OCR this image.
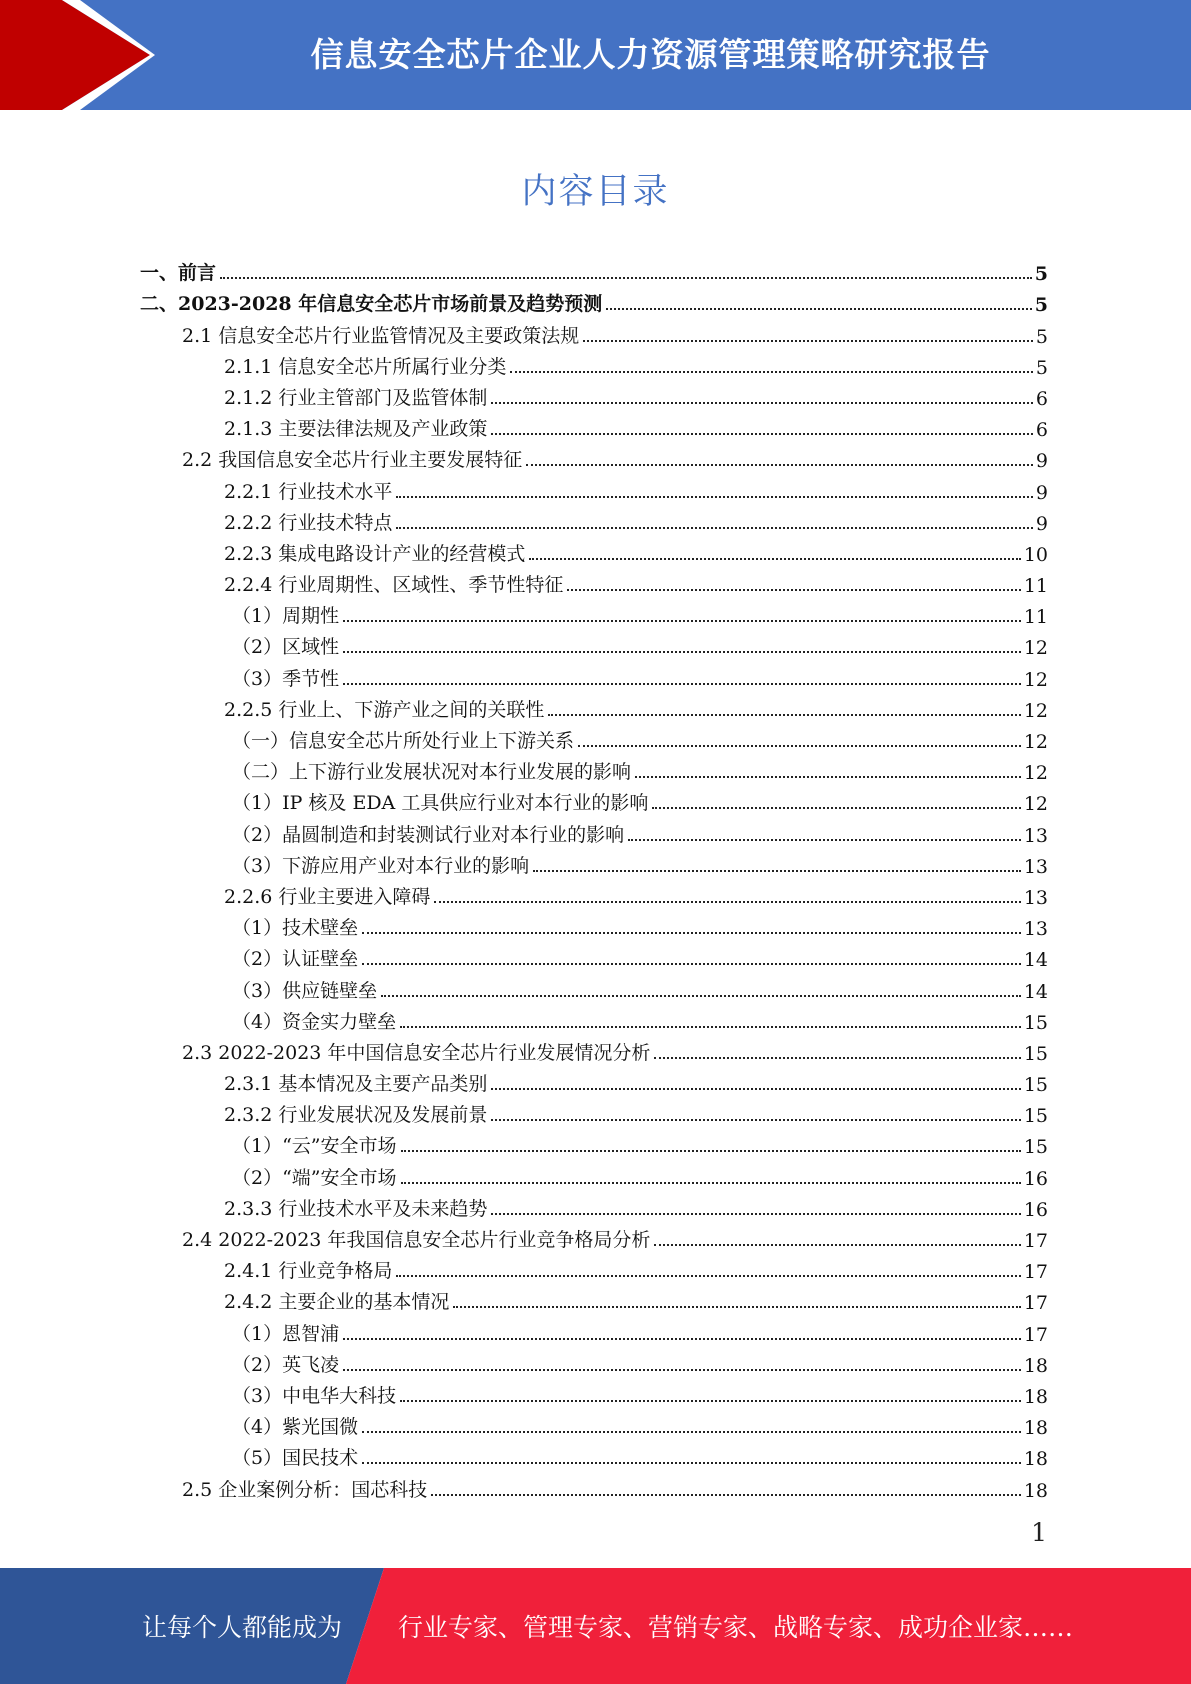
信息安全芯片企业人力资源管理策略研究报告
内容目录
一、前言	5
二、2023-2028 年信息安全芯片市场前景及趋势预测	5
2.1 信息安全芯片行业监管情况及主要政策法规	5
2.1.1 信息安全芯片所属行业分类	5
2.1.2 行业主管部门及监管体制	6
2.1.3 主要法律法规及产业政策	6
2.2 我国信息安全芯片行业主要发展特征	9
2.2.1 行业技术水平	9
2.2.2 行业技术特点	9
2.2.3 集成电路设计产业的经营模式	10
2.2.4 行业周期性、区域性、季节性特征	11
（1）周期性	11
（2）区域性	12
（3）季节性	12
2.2.5 行业上、下游产业之间的关联性	12
（一）信息安全芯片所处行业上下游关系	12
（二）上下游行业发展状况对本行业发展的影响	12
（1）IP 核及 EDA 工具供应行业对本行业的影响	12
（2）晶圆制造和封装测试行业对本行业的影响	13
（3）下游应用产业对本行业的影响	13
2.2.6 行业主要进入障碍	13
（1）技术壁垒	13
（2）认证壁垒	14
（3）供应链壁垒	14
（4）资金实力壁垒	15
2.3 2022-2023 年中国信息安全芯片行业发展情况分析	15
2.3.1 基本情况及主要产品类别	15
2.3.2 行业发展状况及发展前景	15
（1）“云”安全市场	15
（2）“端”安全市场	16
2.3.3 行业技术水平及未来趋势	16
2.4 2022-2023 年我国信息安全芯片行业竞争格局分析	17
2.4.1 行业竞争格局	17
2.4.2 主要企业的基本情况	17
（1）恩智浦	17
（2）英飞凌	18
（3）中电华大科技	18
（4）紫光国微	18
（5）国民技术	18
2.5 企业案例分析：国芯科技	18
1
让每个人都能成为 行业专家、管理专家、营销专家、战略专家、成功企业家……
